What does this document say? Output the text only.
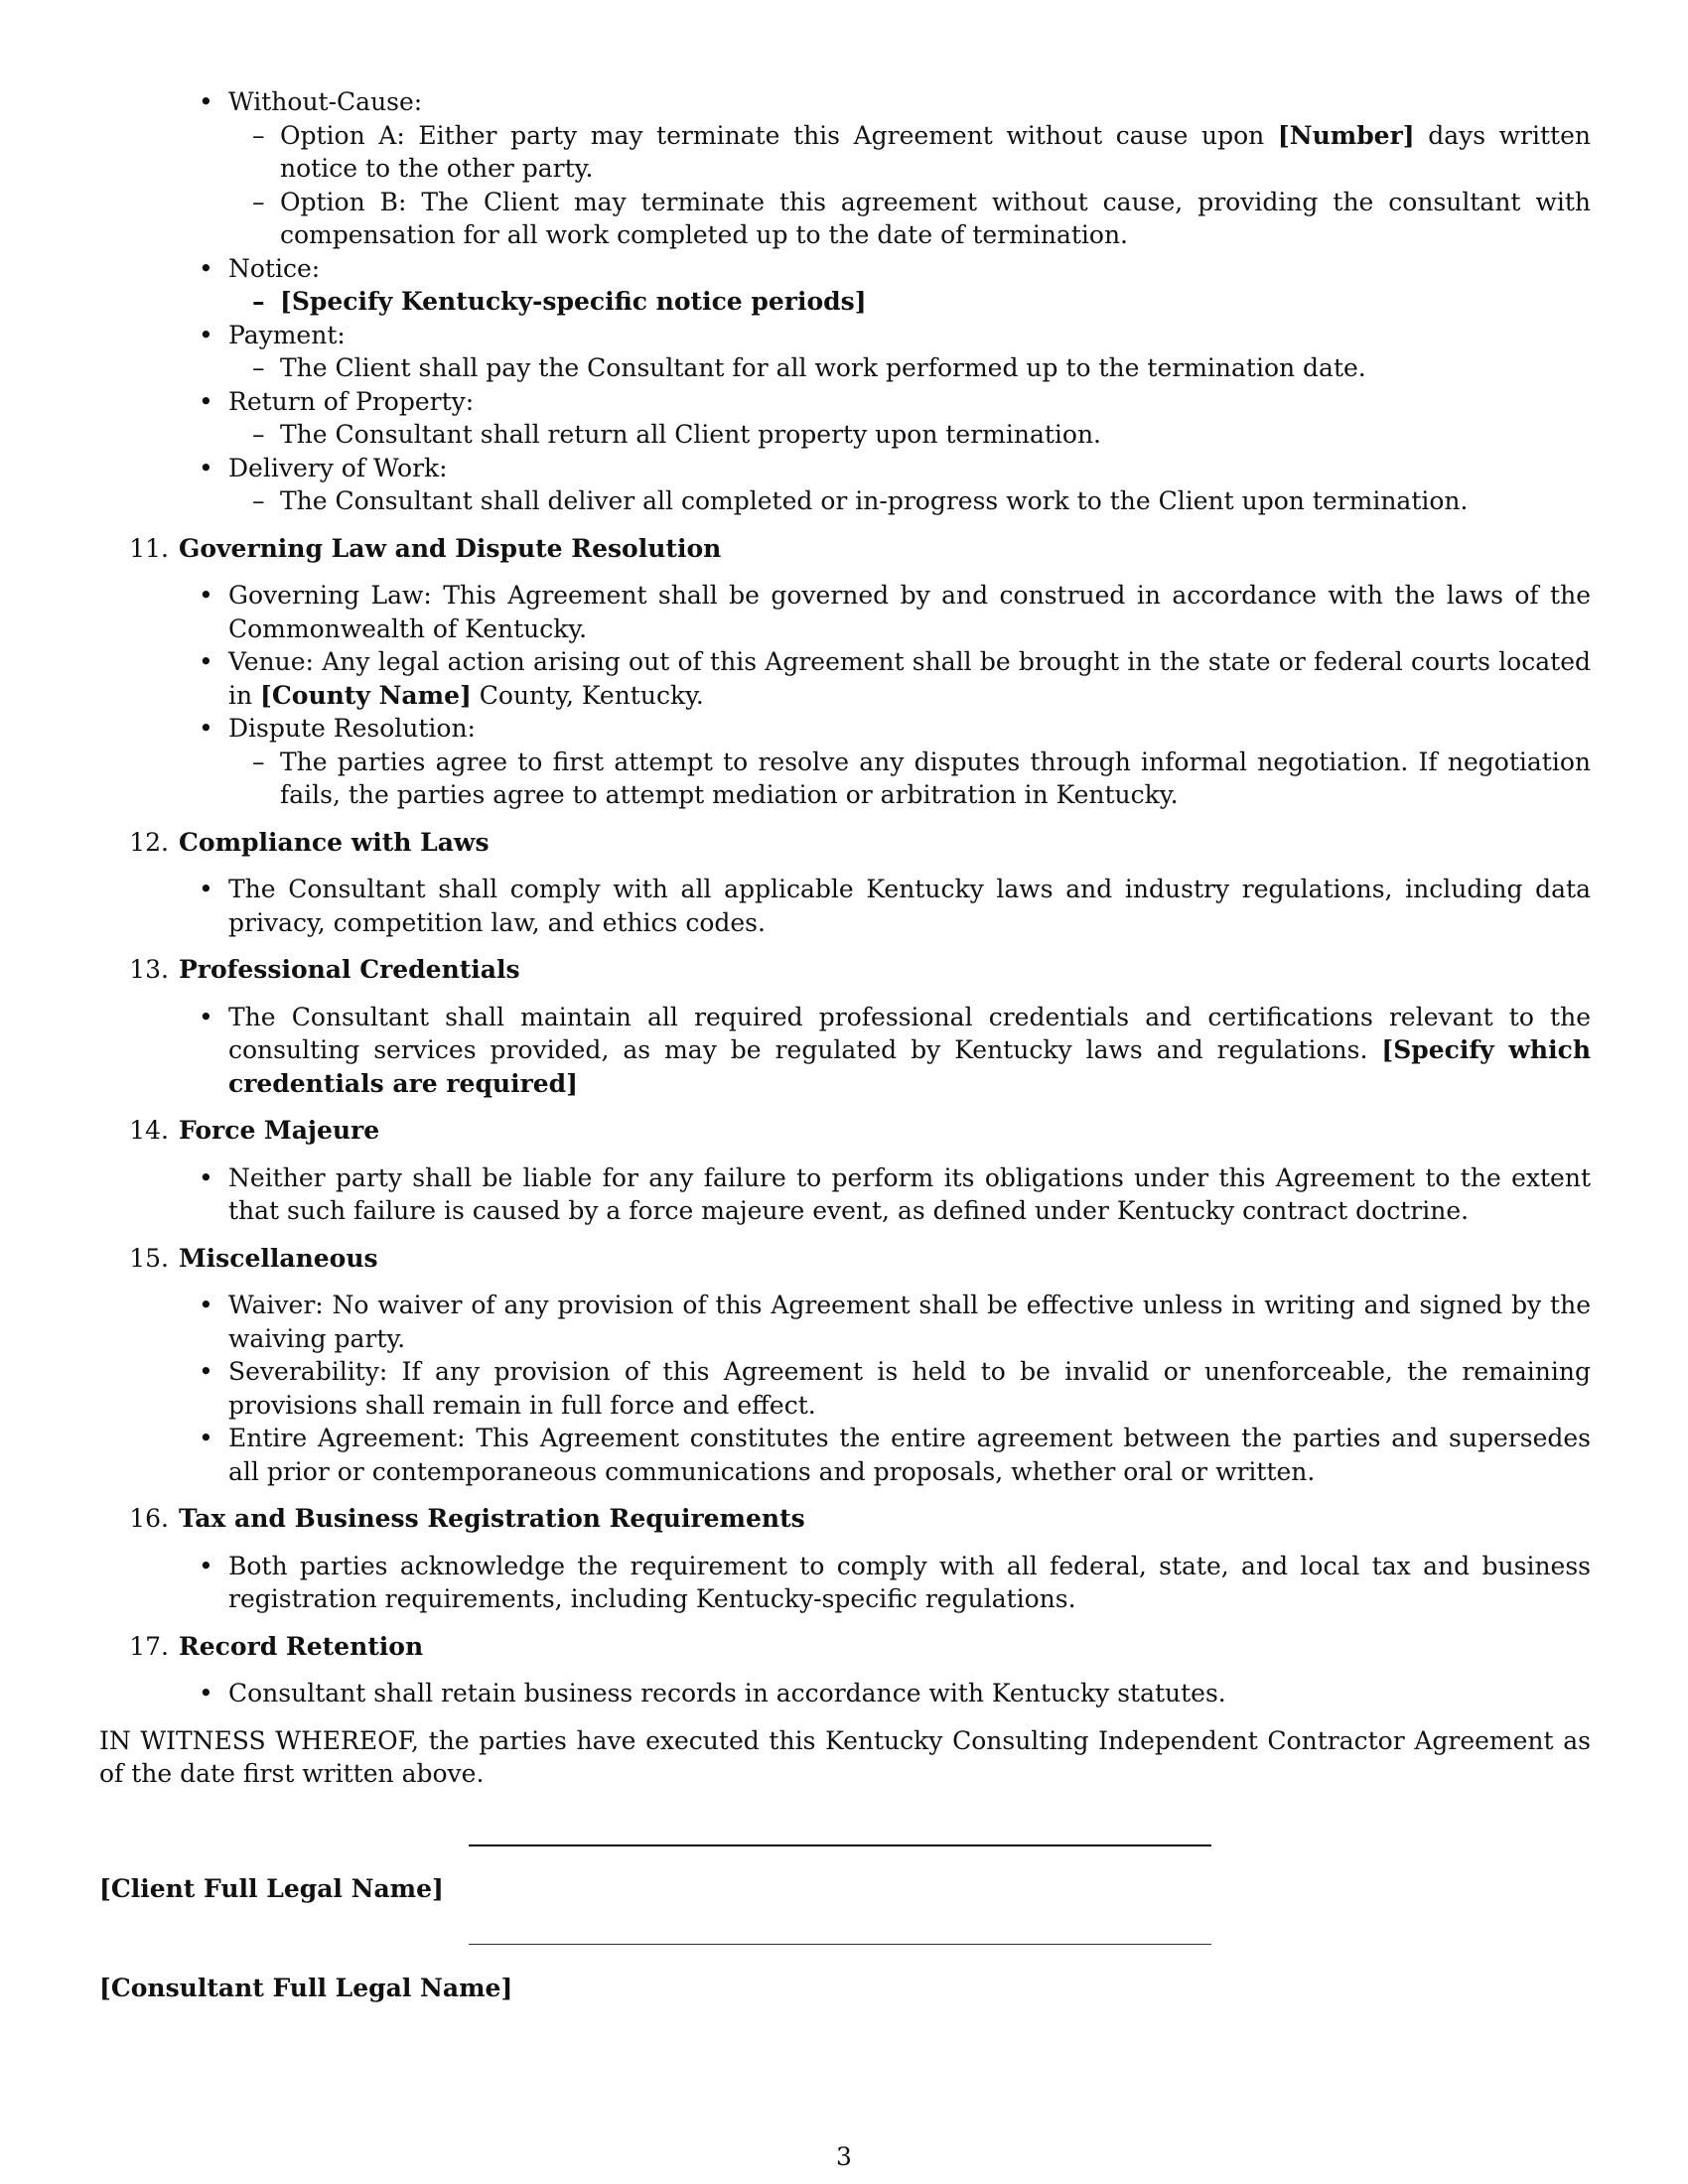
• Without-Cause:
– Option A: Either party may terminate this Agreement without cause upon [Number] days written notice to the other party.
– Option B: The Client may terminate this agreement without cause, providing the consultant with compensation for all work completed up to the date of termination.
• Notice:
– [Specify Kentucky-specific notice periods]
• Payment:
– The Client shall pay the Consultant for all work performed up to the termination date.
• Return of Property:
– The Consultant shall return all Client property upon termination.
• Delivery of Work:
– The Consultant shall deliver all completed or in-progress work to the Client upon termination.
11. Governing Law and Dispute Resolution
• Governing Law: This Agreement shall be governed by and construed in accordance with the laws of the Commonwealth of Kentucky.
• Venue: Any legal action arising out of this Agreement shall be brought in the state or federal courts located in [County Name] County, Kentucky.
• Dispute Resolution:
– The parties agree to first attempt to resolve any disputes through informal negotiation. If negotiation fails, the parties agree to attempt mediation or arbitration in Kentucky.
12. Compliance with Laws
• The Consultant shall comply with all applicable Kentucky laws and industry regulations, including data privacy, competition law, and ethics codes.
13. Professional Credentials
• The Consultant shall maintain all required professional credentials and certifications relevant to the consulting services provided, as may be regulated by Kentucky laws and regulations. [Specify which credentials are required]
14. Force Majeure
• Neither party shall be liable for any failure to perform its obligations under this Agreement to the extent that such failure is caused by a force majeure event, as defined under Kentucky contract doctrine.
15. Miscellaneous
• Waiver: No waiver of any provision of this Agreement shall be effective unless in writing and signed by the waiving party.
• Severability: If any provision of this Agreement is held to be invalid or unenforceable, the remaining provisions shall remain in full force and effect.
• Entire Agreement: This Agreement constitutes the entire agreement between the parties and supersedes all prior or contemporaneous communications and proposals, whether oral or written.
16. Tax and Business Registration Requirements
• Both parties acknowledge the requirement to comply with all federal, state, and local tax and business registration requirements, including Kentucky-specific regulations.
17. Record Retention
• Consultant shall retain business records in accordance with Kentucky statutes.
IN WITNESS WHEREOF, the parties have executed this Kentucky Consulting Independent Contractor Agreement as of the date first written above.
[Client Full Legal Name]
[Consultant Full Legal Name]
3
